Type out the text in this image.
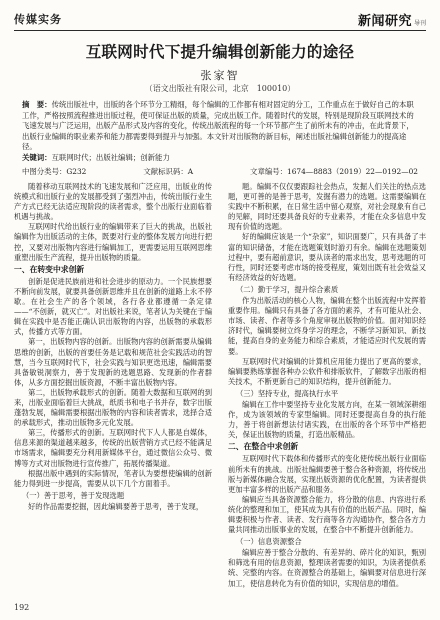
传媒实务	新闻研究 导刊
互联网时代下提升编辑创新能力的途径
张家智
（语文出版社有限公司，北京　100010）

摘　要：传统出版社中，出版的各个环节分工精细，每个编辑的工作都有相对固定的分工，工作重点在于做好自己的本职工作，严格按照流程推进出版过程，使可保证出版的质量，完成出版工作。随着时代的发展，特别是现阶段互联网技术的飞速发展与广泛运用，出版产品形式及内容的变化，传统出版流程的每一个环节都产生了前所未有的冲击，在此背景下，出版行业编辑的职业素养和能力都需要得到提升与加强。本文针对出版物的新目标，阐述出版社编辑创新能力的提高途径。

关键词：互联网时代；出版社编辑；创新能力

中图分类号：G232	文献标识码：A	文章编号：1674—8883（2019）22—0192—02

随着移动互联网技术的飞速发展和广泛应用，出版业的传统模式和出版行业的发展都受到了强烈冲击，传统出版行业生产方式已经无法适应现阶段的读者需求，整个出版行业面临着机遇与挑战。

互联网时代给出版行业的编辑带来了巨大的挑战，出版社编辑作为出版活动的主体，既要对行业的整体发展方向进行把控，又要对出版物内容进行编辑加工，更需要运用互联网思维重塑出版生产流程，提升出版物的质量。

一、在转变中求创新

创新是促进民族前进和社会进步的原动力。一个民族想要不断向前发展，就要具备创新思维并且在创新的道路上永不停歇。在社会生产的各个领域，各行各业都遵循一条定律——“不创新，就灭亡”。对出版社来说，笔者认为关键在于编辑在实践中是否能正确认识出版物的内容，出版物的承载形式，传播方式等方面。

第一，出版物内容的创新。出版物内容的创新需要从编辑思维的创新，出版的首要任务是记载和规范社会实践活动的智慧，当今互联网时代下，社会实践与知识更迭迅速，编辑需要具备敏锐洞察力，善于发现新的选题思路、发现新的作者群体，从多方面挖掘出版资源，不断丰富出版物内容。

第二，出版物承载形式的创新。随着大数据和互联网的到来，出版业面临着巨大挑战，纸质书和电子书并存，数字出版蓬勃发展，编辑需要根据出版物的内容和读者需求，选择合适的承载形式，推动出版物多元化发展。

第三，传播形式的创新。互联网时代下人人都是自媒体，信息来源的渠道越来越多，传统的出版营销方式已经不能满足市场需求，编辑要充分利用新媒体平台，通过微信公众号、微博等方式对出版物进行宣传推广，拓展传播渠道。

根据出版中遇到的实际情况，笔者认为要想使编辑的创新能力得到进一步提高，需要从以下几个方面着手。

（一）善于思考，善于发现选题

好的作品需要挖掘，因此编辑要善于思考，善于发现，

题。编辑不仅仅要跟踪社会热点，发掘人们关注的热点选题，更可善的是善于思考，发掘有潜力的选题。这需要编辑在实践中不断积累，在日常生活中留心观察，对社会现象有自己的见解，同时还要具备良好的专业素养，才能在众多信息中发现有价值的选题。

好的编辑应该是一个“杂家”，知识面要广，只有具备了丰富的知识储备，才能在选题策划时游刃有余。编辑在选题策划过程中，要有超前意识，要从读者的需求出发，思考选题的可行性，同时还要考虑市场的接受程度，策划出既有社会效益又有经济效益的好选题。

（二）勤于学习，提升综合素质

作为出版活动的核心人物，编辑在整个出版流程中发挥着重要作用。编辑只有具备了各方面的素养，才有可能从社会、市场、读者、作者等多个角度审视出版物的价值。面对知识经济时代，编辑要树立终身学习的理念，不断学习新知识、新技能，提高自身的业务能力和综合素质，才能适应时代发展的需要。

互联网时代对编辑的计算机应用能力提出了更高的要求，编辑要熟练掌握各种办公软件和排版软件，了解数字出版的相关技术，不断更新自己的知识结构，提升创新能力。

（三）坚持专业，提高执行水平

编辑在工作中要坚持专业化发展方向，在某一领域深耕细作，成为该领域的专家型编辑。同时还要提高自身的执行能力，善于将创新想法付诸实践，在出版的各个环节中严格把关，保证出版物的质量，打造出版精品。

二、在整合中求创新

互联网时代下载体和传播形式的变化使传统出版行业面临前所未有的挑战。出版社编辑要善于整合各种资源，将传统出版与新媒体融合发展，实现出版资源的优化配置，为读者提供更加丰富多样的出版产品和服务。

编辑应当具备资源整合能力，将分散的信息、内容进行系统化的整理和加工，使其成为具有价值的出版产品。同时，编辑要积极与作者、读者、发行商等各方沟通协作，整合各方力量共同推动出版事业的发展，在整合中不断提升创新能力。

（一）信息资源整合

编辑应善于整合分散的、有差异的、碎片化的知识，甄别和筛选有用的信息资源，整理读者需要的知识，为读者提供系统、完整的内容。在资源整合的基础上，编辑要对信息进行深加工，使信息转化为有价值的知识，实现信息的增值。

192
